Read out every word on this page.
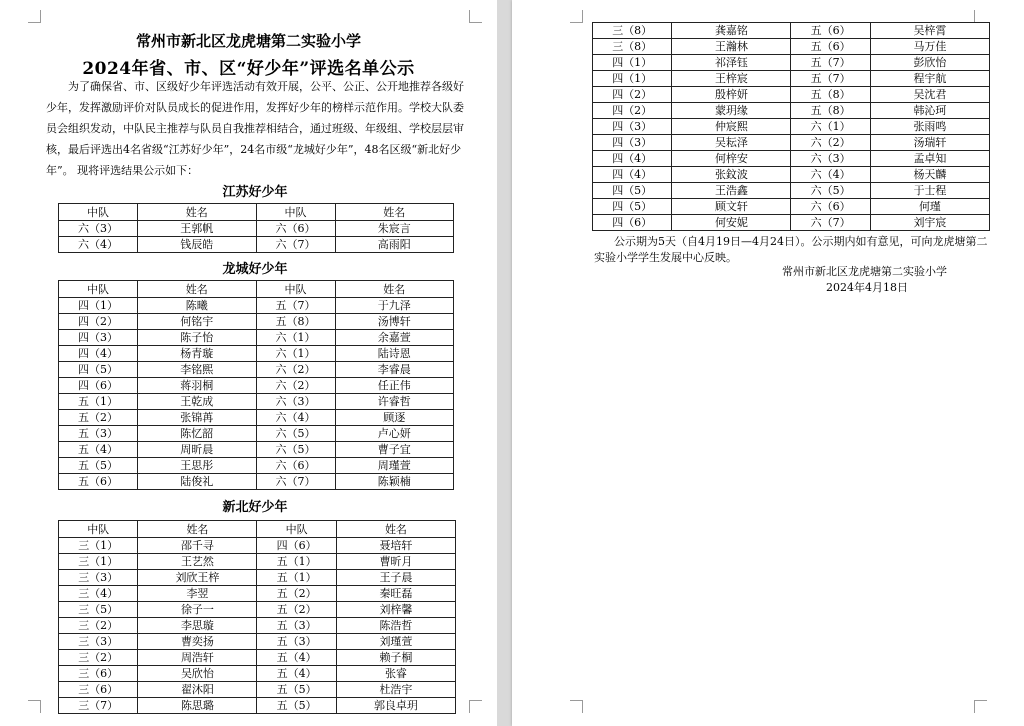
常州市新北区龙虎塘第二实验小学
2024年省、市、区“好少年”评选名单公示

为了确保省、市、区级好少年评选活动有效开展，公平、公正、公开地推荐各级好少年，发挥激励评价对队员成长的促进作用，发挥好少年的榜样示范作用。学校大队委员会组织发动，中队民主推荐与队员自我推荐相结合，通过班级、年级组、学校层层审核，最后评选出4名省级“江苏好少年”，24名市级“龙城好少年”，48名区级“新北好少年”。 现将评选结果公示如下：

江苏好少年
中队	姓名	中队	姓名
六（3）	王郭帆	六（6）	朱宸言
六（4）	钱辰皓	六（7）	高雨阳
龙城好少年
中队	姓名	中队	姓名
四（1）	陈曦	五（7）	于九泽
四（2）	何铭宇	五（8）	汤博轩
四（3）	陈子怡	六（1）	余嘉萱
四（4）	杨青璇	六（1）	陆诗恩
四（5）	李铭熙	六（2）	李睿晨
四（6）	蒋羽桐	六（2）	任正伟
五（1）	王乾成	六（3）	许睿哲
五（2）	张锦苒	六（4）	顾逐
五（3）	陈忆韶	六（5）	卢心妍
五（4）	周昕晨	六（5）	曹子宜
五（5）	王思彤	六（6）	周瑾萱
五（6）	陆俊礼	六（7）	陈颖楠
新北好少年
中队	姓名	中队	姓名
三（1）	邵千寻	四（6）	聂培轩
三（1）	王艺然	五（1）	曹昕月
三（3）	刘欣王梓	五（1）	王子晨
三（4）	李翌	五（2）	秦旺磊
三（5）	徐子一	五（2）	刘梓馨
三（2）	李思璇	五（3）	陈浩哲
三（3）	曹奕扬	五（3）	刘瑾萱
三（2）	周浩轩	五（4）	赖子桐
三（6）	吴欣怡	五（4）	张睿
三（6）	翟沐阳	五（5）	杜浩宇
三（7）	陈思璐	五（5）	郭良卓玥
三（8）	龚嘉铭	五（6）	吴梓霄
三（8）	王瀚林	五（6）	马万佳
四（1）	祁泽钰	五（7）	彭欣怡
四（1）	王梓宸	五（7）	程宇航
四（2）	殷梓妍	五（8）	吴沈君
四（2）	蒙玥缘	五（8）	韩沁珂
四（3）	仲宸熙	六（1）	张雨鸣
四（3）	吴耘泽	六（2）	汤瑞轩
四（4）	何梓安	六（3）	孟卓知
四（4）	张鈫波	六（4）	杨天麟
四（5）	王浩鑫	六（5）	于士程
四（5）	顾文轩	六（6）	何瑾
四（6）	何安妮	六（7）	刘宇宸

公示期为5天（自4月19日—4月24日）。公示期内如有意见，可向龙虎塘第二实验小学学生发展中心反映。

常州市新北区龙虎塘第二实验小学

2024年4月18日
